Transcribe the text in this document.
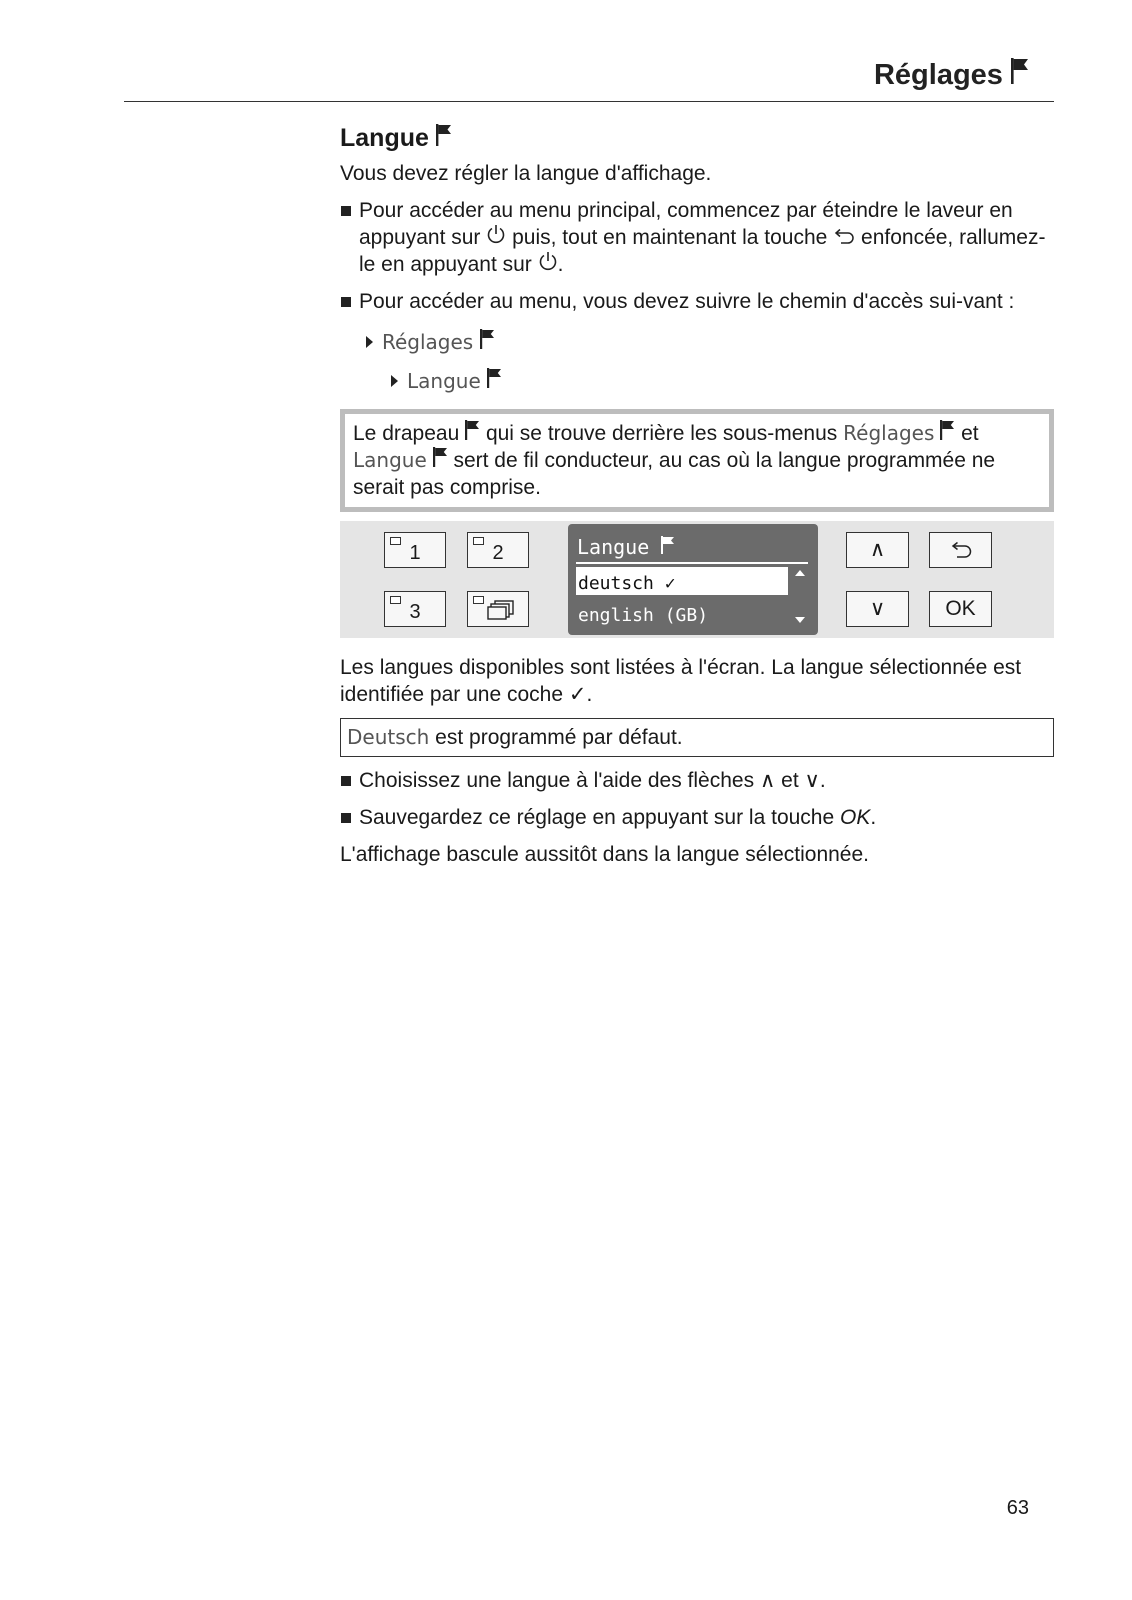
Réglages
Langue

Vous devez régler la langue d'affichage.

Pour accéder au menu principal, commencez par éteindre le laveur en appuyant sur puis, tout en maintenant la touche enfoncée, rallumez-le en appuyant sur .
Pour accéder au menu, vous devez suivre le chemin d'accès sui-vant :
Réglages
Langue
Le drapeau qui se trouve derrière les sous-menus Réglages et Langue sert de fil conducteur, au cas où la langue programmée ne serait pas comprise.
1	2
3
Langue
deutsch ✓
english (GB)
∧
∨	OK

Les langues disponibles sont listées à l'écran. La langue sélectionnée est identifiée par une coche ✓.

Deutsch est programmé par défaut.
Choisissez une langue à l'aide des flèches ∧ et ∨.
Sauvegardez ce réglage en appuyant sur la touche OK.

L'affichage bascule aussitôt dans la langue sélectionnée.

63
